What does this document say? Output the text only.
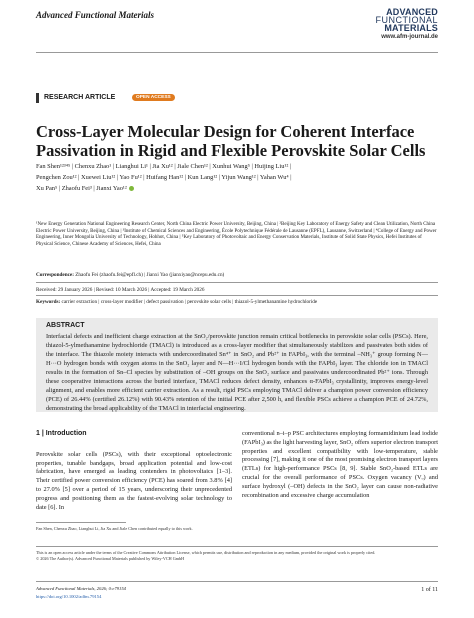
Advanced Functional Materials	ADVANCED
FUNCTIONAL
MATERIALS
www.afm-journal.de
RESEARCH ARTICLE	OPEN ACCESS
Cross-Layer Molecular Design for Coherent Interface Passivation in Rigid and Flexible Perovskite Solar Cells
Fan Shen¹²³⁴⁵ | Chenxu Zhao¹ | Lianghui Li¹ | Jia Xu¹² | Jiale Chen¹² | Xunhui Wang⁵ | Huijing Liu¹² |
Pengchen Zou¹² | Xuewei Liu¹² | Yao Fu¹² | Huifang Han¹² | Kun Lang¹² | Yijun Wang¹² | Yahan Wu⁴ |
Xu Pan⁵ | Zhaofu Fei³ | Jianxi Yao¹²
¹New Energy Generation National Engineering Research Center, North China Electric Power University, Beijing, China | ²Beijing Key Laboratory of Energy Safety and Clean Utilization, North China Electric Power University, Beijing, China | ³Institute of Chemical Sciences and Engineering, École Polytechnique Fédérale de Lausanne (EPFL), Lausanne, Switzerland | ⁴College of Energy and Power Engineering, Inner Mongolia University of Technology, Hohhot, China | ⁵Key Laboratory of Photovoltaic and Energy Conservation Materials, Institute of Solid State Physics, Hefei Institutes of Physical Science, Chinese Academy of Sciences, Hefei, China
Correspondence: Zhaofu Fei (zhaofu.fei@epfl.ch) | Jianxi Yao (jianxiyao@ncepu.edu.cn)
Received: 29 January 2026 | Revised: 10 March 2026 | Accepted: 19 March 2026
Keywords: carrier extraction | cross-layer modifier | defect passivation | perovskite solar cells | thiazol-5-ylmethanamine hydrochloride
ABSTRACT
Interfacial defects and inefficient charge extraction at the SnO₂/perovskite junction remain critical bottlenecks in perovskite solar cells (PSCs). Here, thiazol-5-ylmethanamine hydrochloride (TMACl) is introduced as a cross-layer modifier that simultaneously stabilizes and passivates both sides of the interface. The thiazole moiety interacts with undercoordinated Sn⁴⁺ in SnO₂ and Pb²⁺ in FAPbI₃, with the terminal –NH₃⁺ group forming N—H···O hydrogen bonds with oxygen atoms in the SnO₂ layer and N—H···I/Cl hydrogen bonds with the FAPbI₃ layer. The chloride ion in TMACl results in the formation of Sn–Cl species by substitution of –OH groups on the SnO₂ surface and passivates undercoordinated Pb²⁺ ions. Through these cooperative interactions across the buried interface, TMACl reduces defect density, enhances α-FAPbI₃ crystallinity, improves energy-level alignment, and enables more efficient carrier extraction. As a result, rigid PSCs employing TMACl deliver a champion power conversion efficiency (PCE) of 26.44% (certified 26.12%) with 90.43% retention of the initial PCE after 2,500 h, and flexible PSCs achieve a champion PCE of 24.72%, demonstrating the broad applicability of the TMACl in interfacial engineering.
1 | Introduction
Perovskite solar cells (PSCs), with their exceptional optoelectronic properties, tunable bandgaps, broad application potential and low-cost fabrication, have emerged as leading contenders in photovoltaics [1–3]. Their certified power conversion efficiency (PCE) has soared from 3.8% [4] to 27.0% [5] over a period of 15 years, underscoring their unprecedented progress and positioning them as the fastest-evolving solar technology to date [6]. In
conventional n–i–p PSC architectures employing formamidinium lead iodide (FAPbI₃) as the light harvesting layer, SnO₂ offers superior electron transport properties and excellent compatibility with low-temperature, stable processing [7], making it one of the most promising electron transport layers (ETLs) for high-performance PSCs [8, 9]. Stable SnO₂-based ETLs are crucial for the overall performance of PSCs. Oxygen vacancy (Vₒ) and surface hydroxyl (–OH) defects in the SnO₂ layer can cause non-radiative recombination and excessive charge accumulation
Fan Shen, Chenxu Zhao, Lianghui Li, Jia Xu and Jiale Chen contributed equally to this work.
This is an open access article under the terms of the Creative Commons Attribution License, which permits use, distribution and reproduction in any medium, provided the original work is properly cited.
© 2026 The Author(s). Advanced Functional Materials published by Wiley-VCH GmbH
Advanced Functional Materials, 2026; 0:e79154
https://doi.org/10.1002/adfm.79154
1 of 11
